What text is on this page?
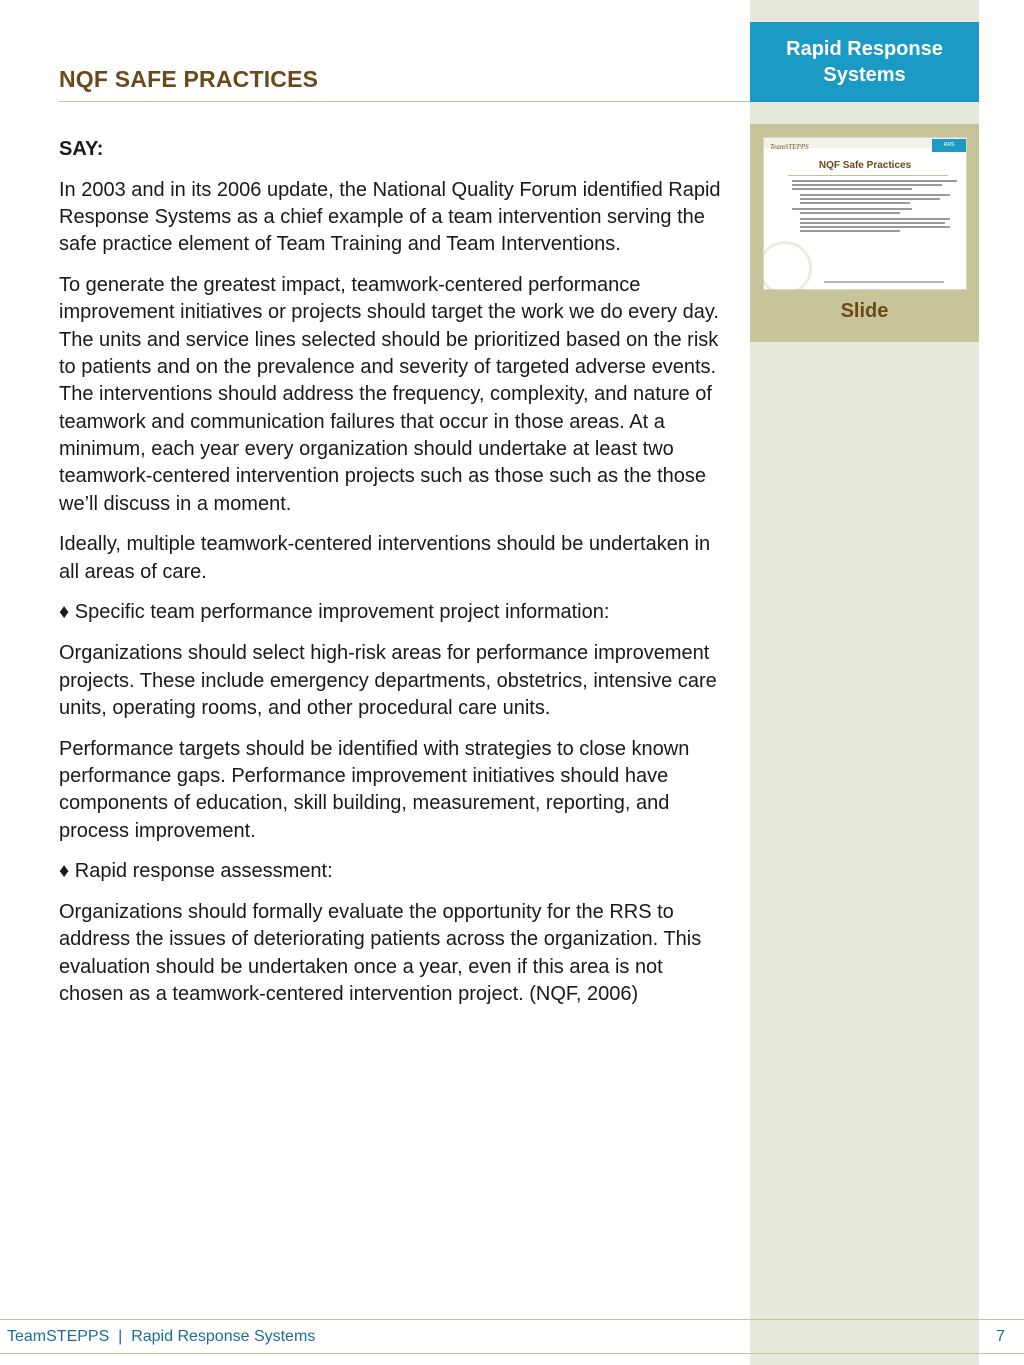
Rapid Response Systems
TeamSTEPPS	RRS
NQF Safe Practices
Slide
NQF SAFE PRACTICES

SAY:

In 2003 and in its 2006 update, the National Quality Forum identified Rapid Response Systems as a chief example of a team intervention serving the safe practice element of Team Training and Team Interventions.

To generate the greatest impact, teamwork-centered performance improvement initiatives or projects should target the work we do every day. The units and service lines selected should be prioritized based on the risk to patients and on the prevalence and severity of targeted adverse events. The interventions should address the frequency, complexity, and nature of teamwork and communication failures that occur in those areas. At a minimum, each year every organization should undertake at least two teamwork-centered intervention projects such as those such as the those we’ll discuss in a moment.

Ideally, multiple teamwork-centered interventions should be undertaken in all areas of care.

♦ Specific team performance improvement project information:

Organizations should select high-risk areas for performance improvement projects. These include emergency departments, obstetrics, intensive care units, operating rooms, and other procedural care units.

Performance targets should be identified with strategies to close known performance gaps. Performance improvement initiatives should have components of education, skill building, measurement, reporting, and process improvement.

♦ Rapid response assessment:

Organizations should formally evaluate the opportunity for the RRS to address the issues of deteriorating patients across the organization. This evaluation should be undertaken once a year, even if this area is not chosen as a teamwork-centered intervention project. (NQF, 2006)

TeamSTEPPS  |  Rapid Response Systems	7
